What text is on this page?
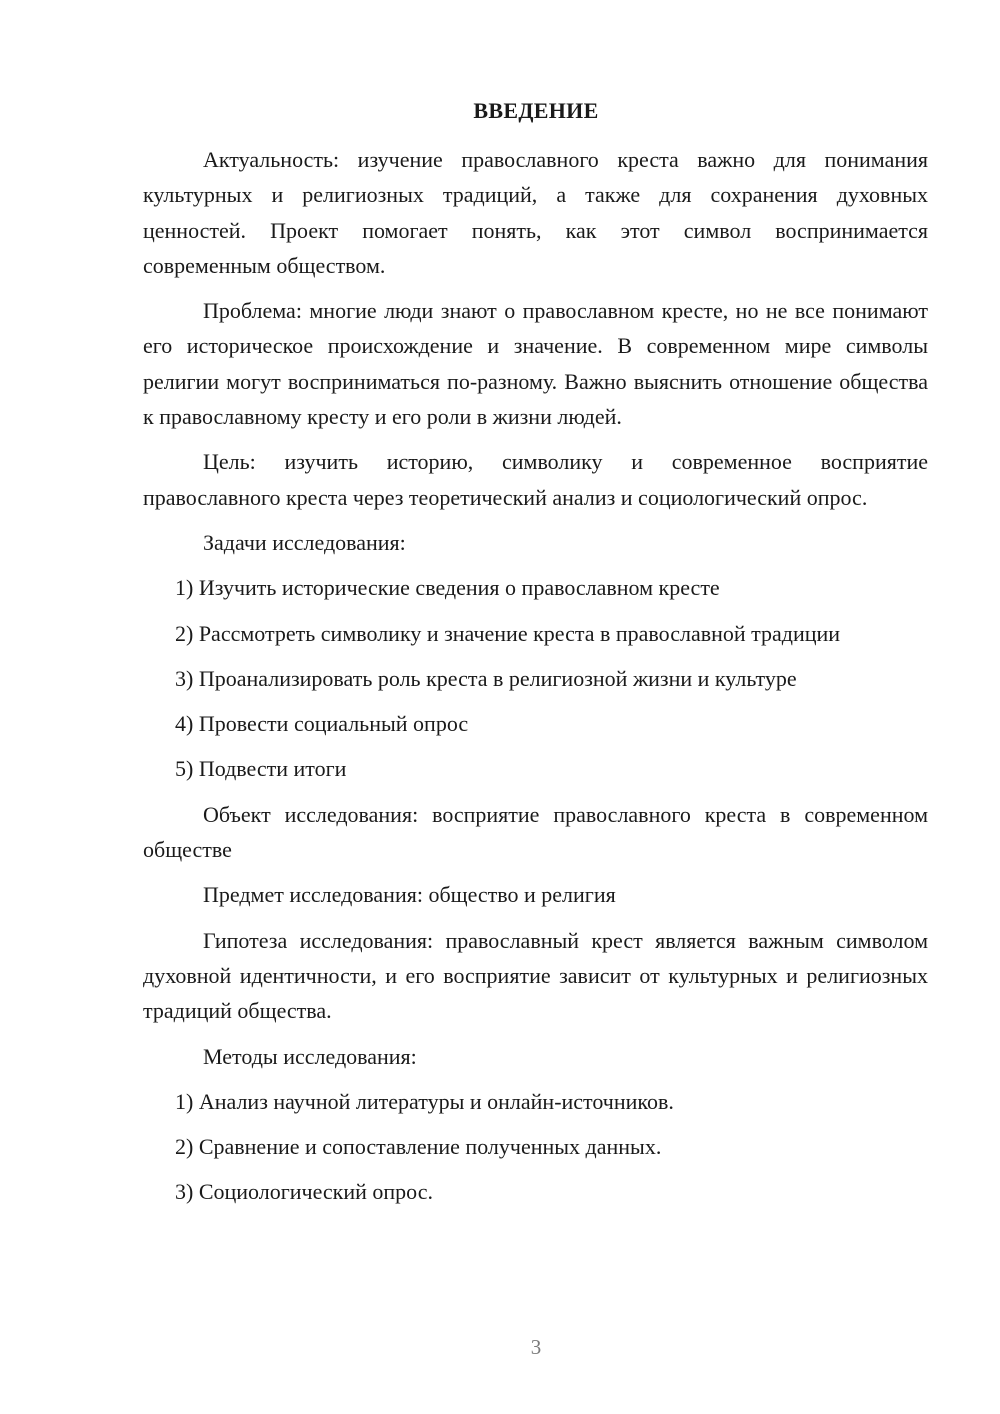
ВВЕДЕНИЕ

Актуальность: изучение православного креста важно для понимания культурных и религиозных традиций, а также для сохранения духовных ценностей. Проект помогает понять, как этот символ воспринимается современным обществом.

Проблема: многие люди знают о православном кресте, но не все понимают его историческое происхождение и значение. В современном мире символы религии могут восприниматься по-разному. Важно выяснить отношение общества к православному кресту и его роли в жизни людей.

Цель: изучить историю, символику и современное восприятие православного креста через теоретический анализ и социологический опрос.

Задачи исследования:

1) Изучить исторические сведения о православном кресте
2) Рассмотреть символику и значение креста в православной традиции
3) Проанализировать роль креста в религиозной жизни и культуре
4) Провести социальный опрос
5) Подвести итоги

Объект исследования: восприятие православного креста в современном обществе

Предмет исследования: общество и религия

Гипотеза исследования: православный крест является важным символом духовной идентичности, и его восприятие зависит от культурных и религиозных традиций общества.

Методы исследования:

1) Анализ научной литературы и онлайн-источников.
2) Сравнение и сопоставление полученных данных.
3) Социологический опрос.
3
